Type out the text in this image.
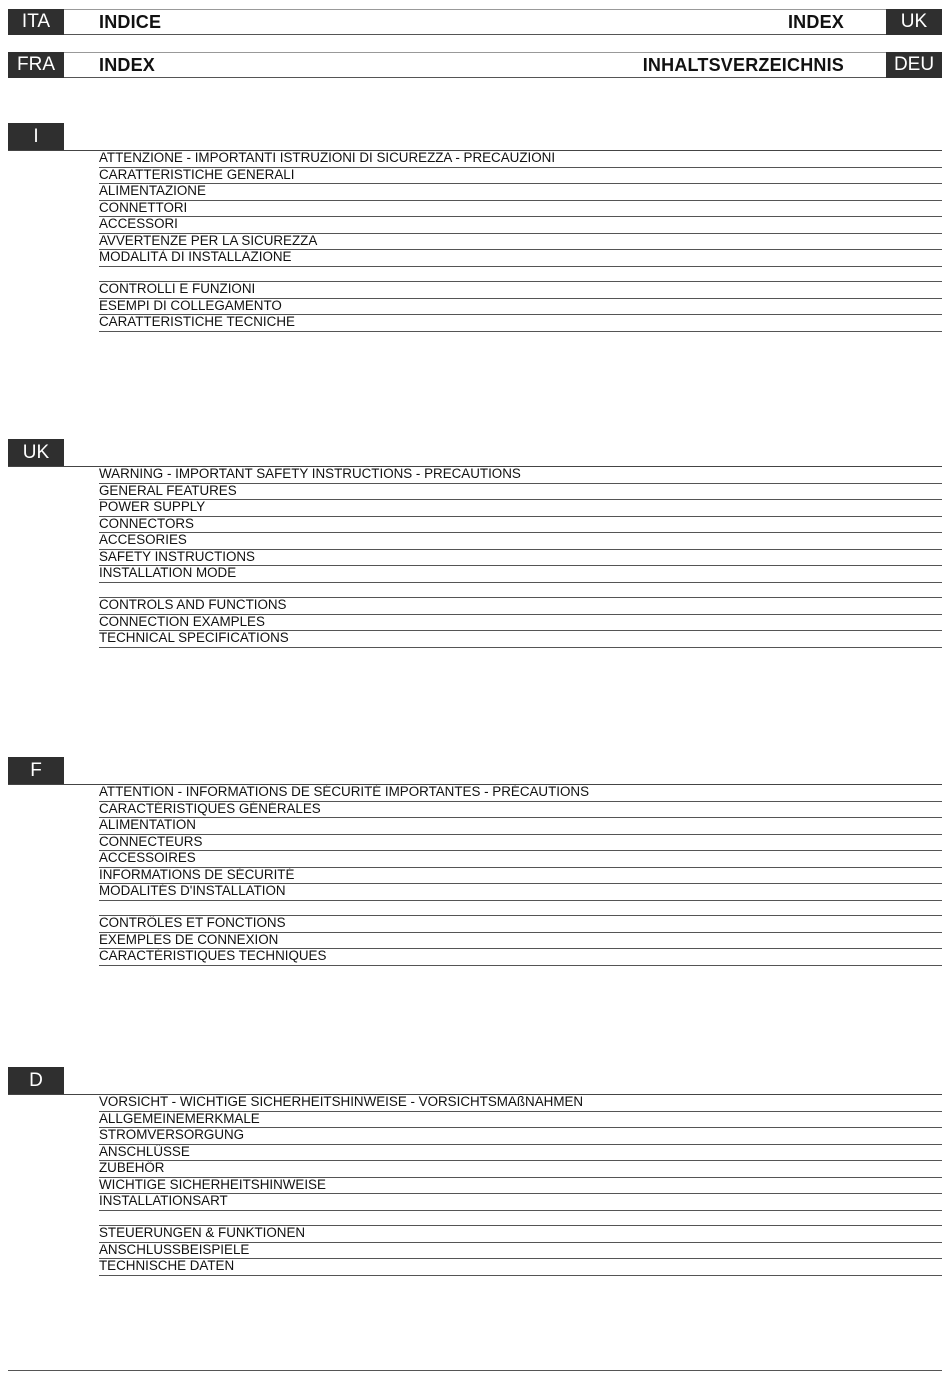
ITA	INDICE	INDEX	UK
FRA	INDEX	INHALTSVERZEICHNIS	DEU
I
ATTENZIONE - IMPORTANTI ISTRUZIONI DI SICUREZZA - PRECAUZIONI
CARATTERISTICHE GENERALI
ALIMENTAZIONE
CONNETTORI
ACCESSORI
AVVERTENZE PER LA SICUREZZA
MODALITÀ DI INSTALLAZIONE
CONTROLLI E FUNZIONI
ESEMPI DI COLLEGAMENTO
CARATTERISTICHE TECNICHE
UK
WARNING - IMPORTANT SAFETY INSTRUCTIONS - PRECAUTIONS
GENERAL FEATURES
POWER SUPPLY
CONNECTORS
ACCESORIES
SAFETY INSTRUCTIONS
INSTALLATION MODE
CONTROLS AND FUNCTIONS
CONNECTION EXAMPLES
TECHNICAL SPECIFICATIONS
F
ATTENTION - INFORMATIONS DE SÉCURITÉ IMPORTANTES - PRÉCAUTIONS
CARACTÉRISTIQUES GÉNÉRALES
ALIMENTATION
CONNECTEURS
ACCESSOIRES
INFORMATIONS DE SÉCURITÉ
MODALITÉS D'INSTALLATION
CONTRÔLES ET FONCTIONS
EXEMPLES DE CONNEXION
CARACTÉRISTIQUES TECHNIQUES
D
VORSICHT - WICHTIGE SICHERHEITSHINWEISE - VORSICHTSMAßNAHMEN
ALLGEMEINEMERKMALE
STROMVERSORGUNG
ANSCHLÜSSE
ZUBEHÖR
WICHTIGE SICHERHEITSHINWEISE
INSTALLATIONSART
STEUERUNGEN & FUNKTIONEN
ANSCHLUSSBEISPIELE
TECHNISCHE DATEN
